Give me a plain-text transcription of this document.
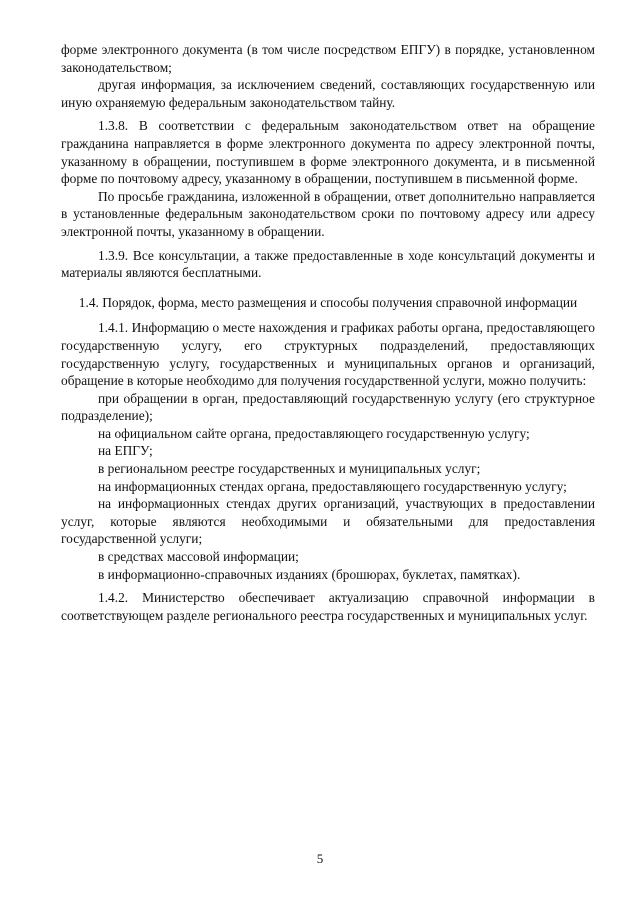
форме электронного документа (в том числе посредством ЕПГУ) в порядке, установленном законодательством;

другая информация, за исключением сведений, составляющих государственную или иную охраняемую федеральным законодательством тайну.

1.3.8. В соответствии с федеральным законодательством ответ на обращение гражданина направляется в форме электронного документа по адресу электронной почты, указанному в обращении, поступившем в форме электронного документа, и в письменной форме по почтовому адресу, указанному в обращении, поступившем в письменной форме.

По просьбе гражданина, изложенной в обращении, ответ дополнительно направляется в установленные федеральным законодательством сроки по почтовому адресу или адресу электронной почты, указанному в обращении.

1.3.9. Все консультации, а также предоставленные в ходе консультаций документы и материалы являются бесплатными.

1.4. Порядок, форма, место размещения и способы получения справочной информации

1.4.1. Информацию о месте нахождения и графиках работы органа, предоставляющего государственную услугу, его структурных подразделений, предоставляющих государственную услугу, государственных и муниципальных органов и организаций, обращение в которые необходимо для получения государственной услуги, можно получить:

при обращении в орган, предоставляющий государственную услугу (его структурное подразделение);

на официальном сайте органа, предоставляющего государственную услугу;

на ЕПГУ;

в региональном реестре государственных и муниципальных услуг;

на информационных стендах органа, предоставляющего государственную услугу;

на информационных стендах других организаций, участвующих в предоставлении услуг, которые являются необходимыми и обязательными для предоставления государственной услуги;

в средствах массовой информации;

в информационно-справочных изданиях (брошюрах, буклетах, памятках).

1.4.2. Министерство обеспечивает актуализацию справочной информации в соответствующем разделе регионального реестра государственных и муниципальных услуг.

5
